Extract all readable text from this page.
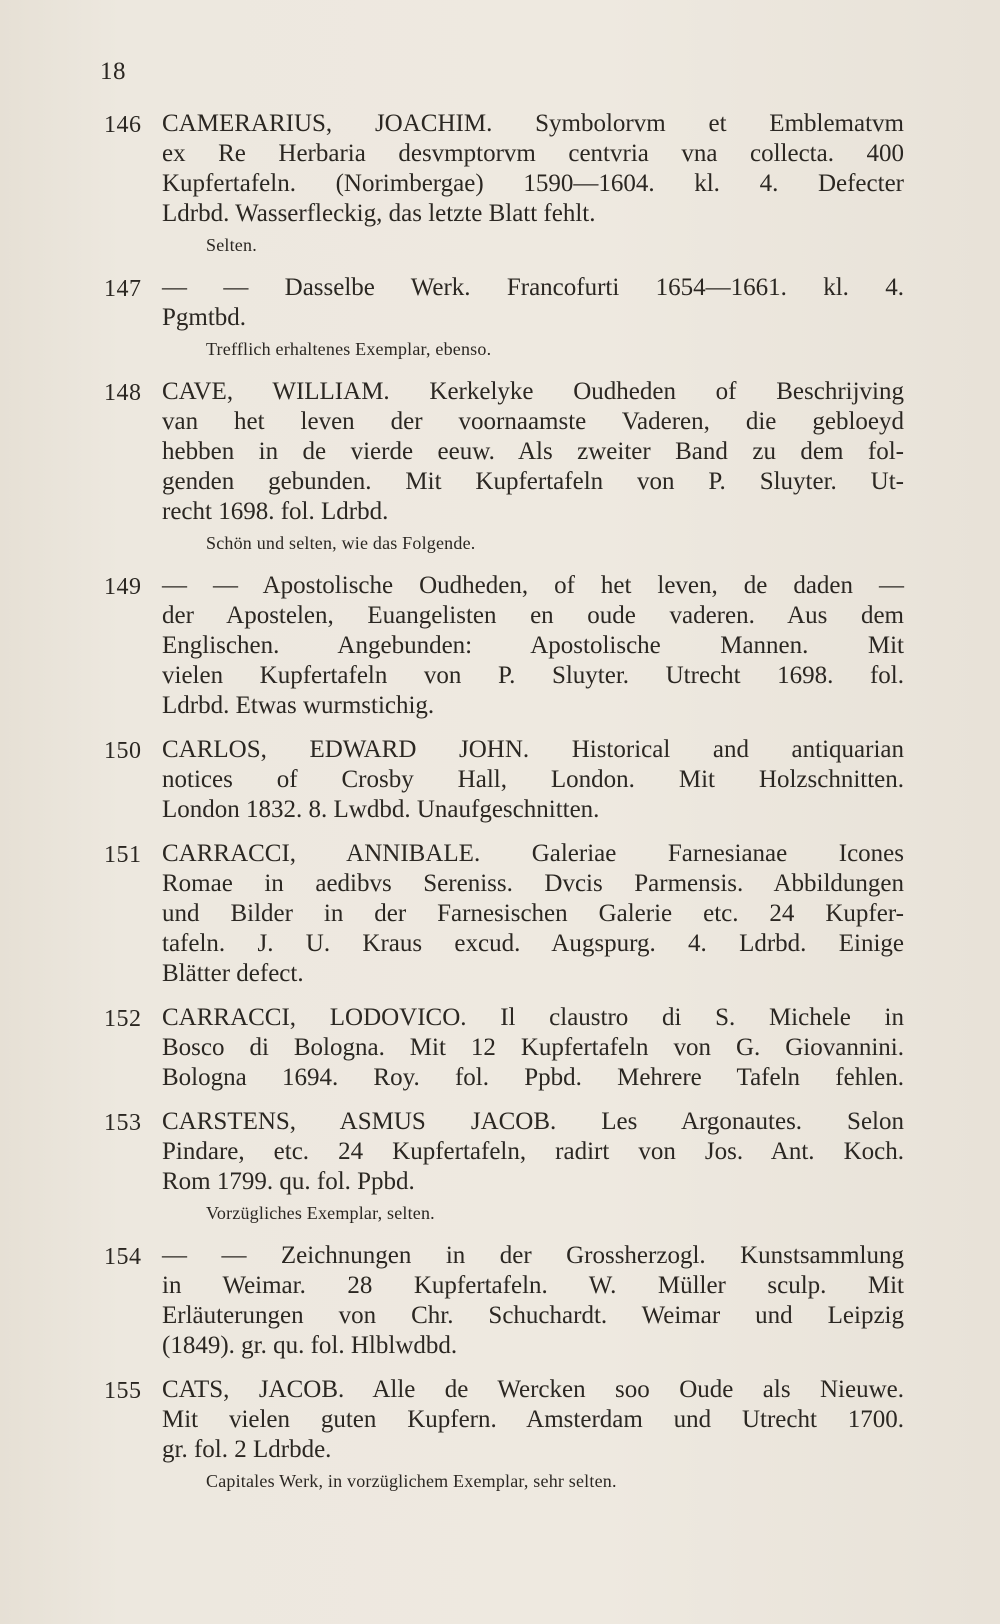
18
146 CAMERARIUS, JOACHIM. Symbolorvm et Emblematvm
ex Re Herbaria desvmptorvm centvria vna collecta. 400
Kupfertafeln. (Norimbergae) 1590—1604. kl. 4. Defecter
Ldrbd. Wasserfleckig, das letzte Blatt fehlt.
Selten.
147 — — Dasselbe Werk. Francofurti 1654—1661. kl. 4.
Pgmtbd.
Trefflich erhaltenes Exemplar, ebenso.
148 CAVE, WILLIAM. Kerkelyke Oudheden of Beschrijving
van het leven der voornaamste Vaderen, die gebloeyd
hebben in de vierde eeuw. Als zweiter Band zu dem fol-
genden gebunden. Mit Kupfertafeln von P. Sluyter. Ut-
recht 1698. fol. Ldrbd.
Schön und selten, wie das Folgende.
149 — — Apostolische Oudheden, of het leven, de daden —
der Apostelen, Euangelisten en oude vaderen. Aus dem
Englischen. Angebunden: Apostolische Mannen. Mit
vielen Kupfertafeln von P. Sluyter. Utrecht 1698. fol.
Ldrbd. Etwas wurmstichig.
150 CARLOS, EDWARD JOHN. Historical and antiquarian
notices of Crosby Hall, London. Mit Holzschnitten.
London 1832. 8. Lwdbd. Unaufgeschnitten.
151 CARRACCI, ANNIBALE. Galeriae Farnesianae Icones
Romae in aedibvs Sereniss. Dvcis Parmensis. Abbildungen
und Bilder in der Farnesischen Galerie etc. 24 Kupfer-
tafeln. J. U. Kraus excud. Augspurg. 4. Ldrbd. Einige
Blätter defect.
152 CARRACCI, LODOVICO. Il claustro di S. Michele in
Bosco di Bologna. Mit 12 Kupfertafeln von G. Giovannini.
Bologna 1694. Roy. fol. Ppbd. Mehrere Tafeln fehlen.
153 CARSTENS, ASMUS JACOB. Les Argonautes. Selon
Pindare, etc. 24 Kupfertafeln, radirt von Jos. Ant. Koch.
Rom 1799. qu. fol. Ppbd.
Vorzügliches Exemplar, selten.
154 — — Zeichnungen in der Grossherzogl. Kunstsammlung
in Weimar. 28 Kupfertafeln. W. Müller sculp. Mit
Erläuterungen von Chr. Schuchardt. Weimar und Leipzig
(1849). gr. qu. fol. Hlblwdbd.
155 CATS, JACOB. Alle de Wercken soo Oude als Nieuwe.
Mit vielen guten Kupfern. Amsterdam und Utrecht 1700.
gr. fol. 2 Ldrbde.
Capitales Werk, in vorzüglichem Exemplar, sehr selten.
